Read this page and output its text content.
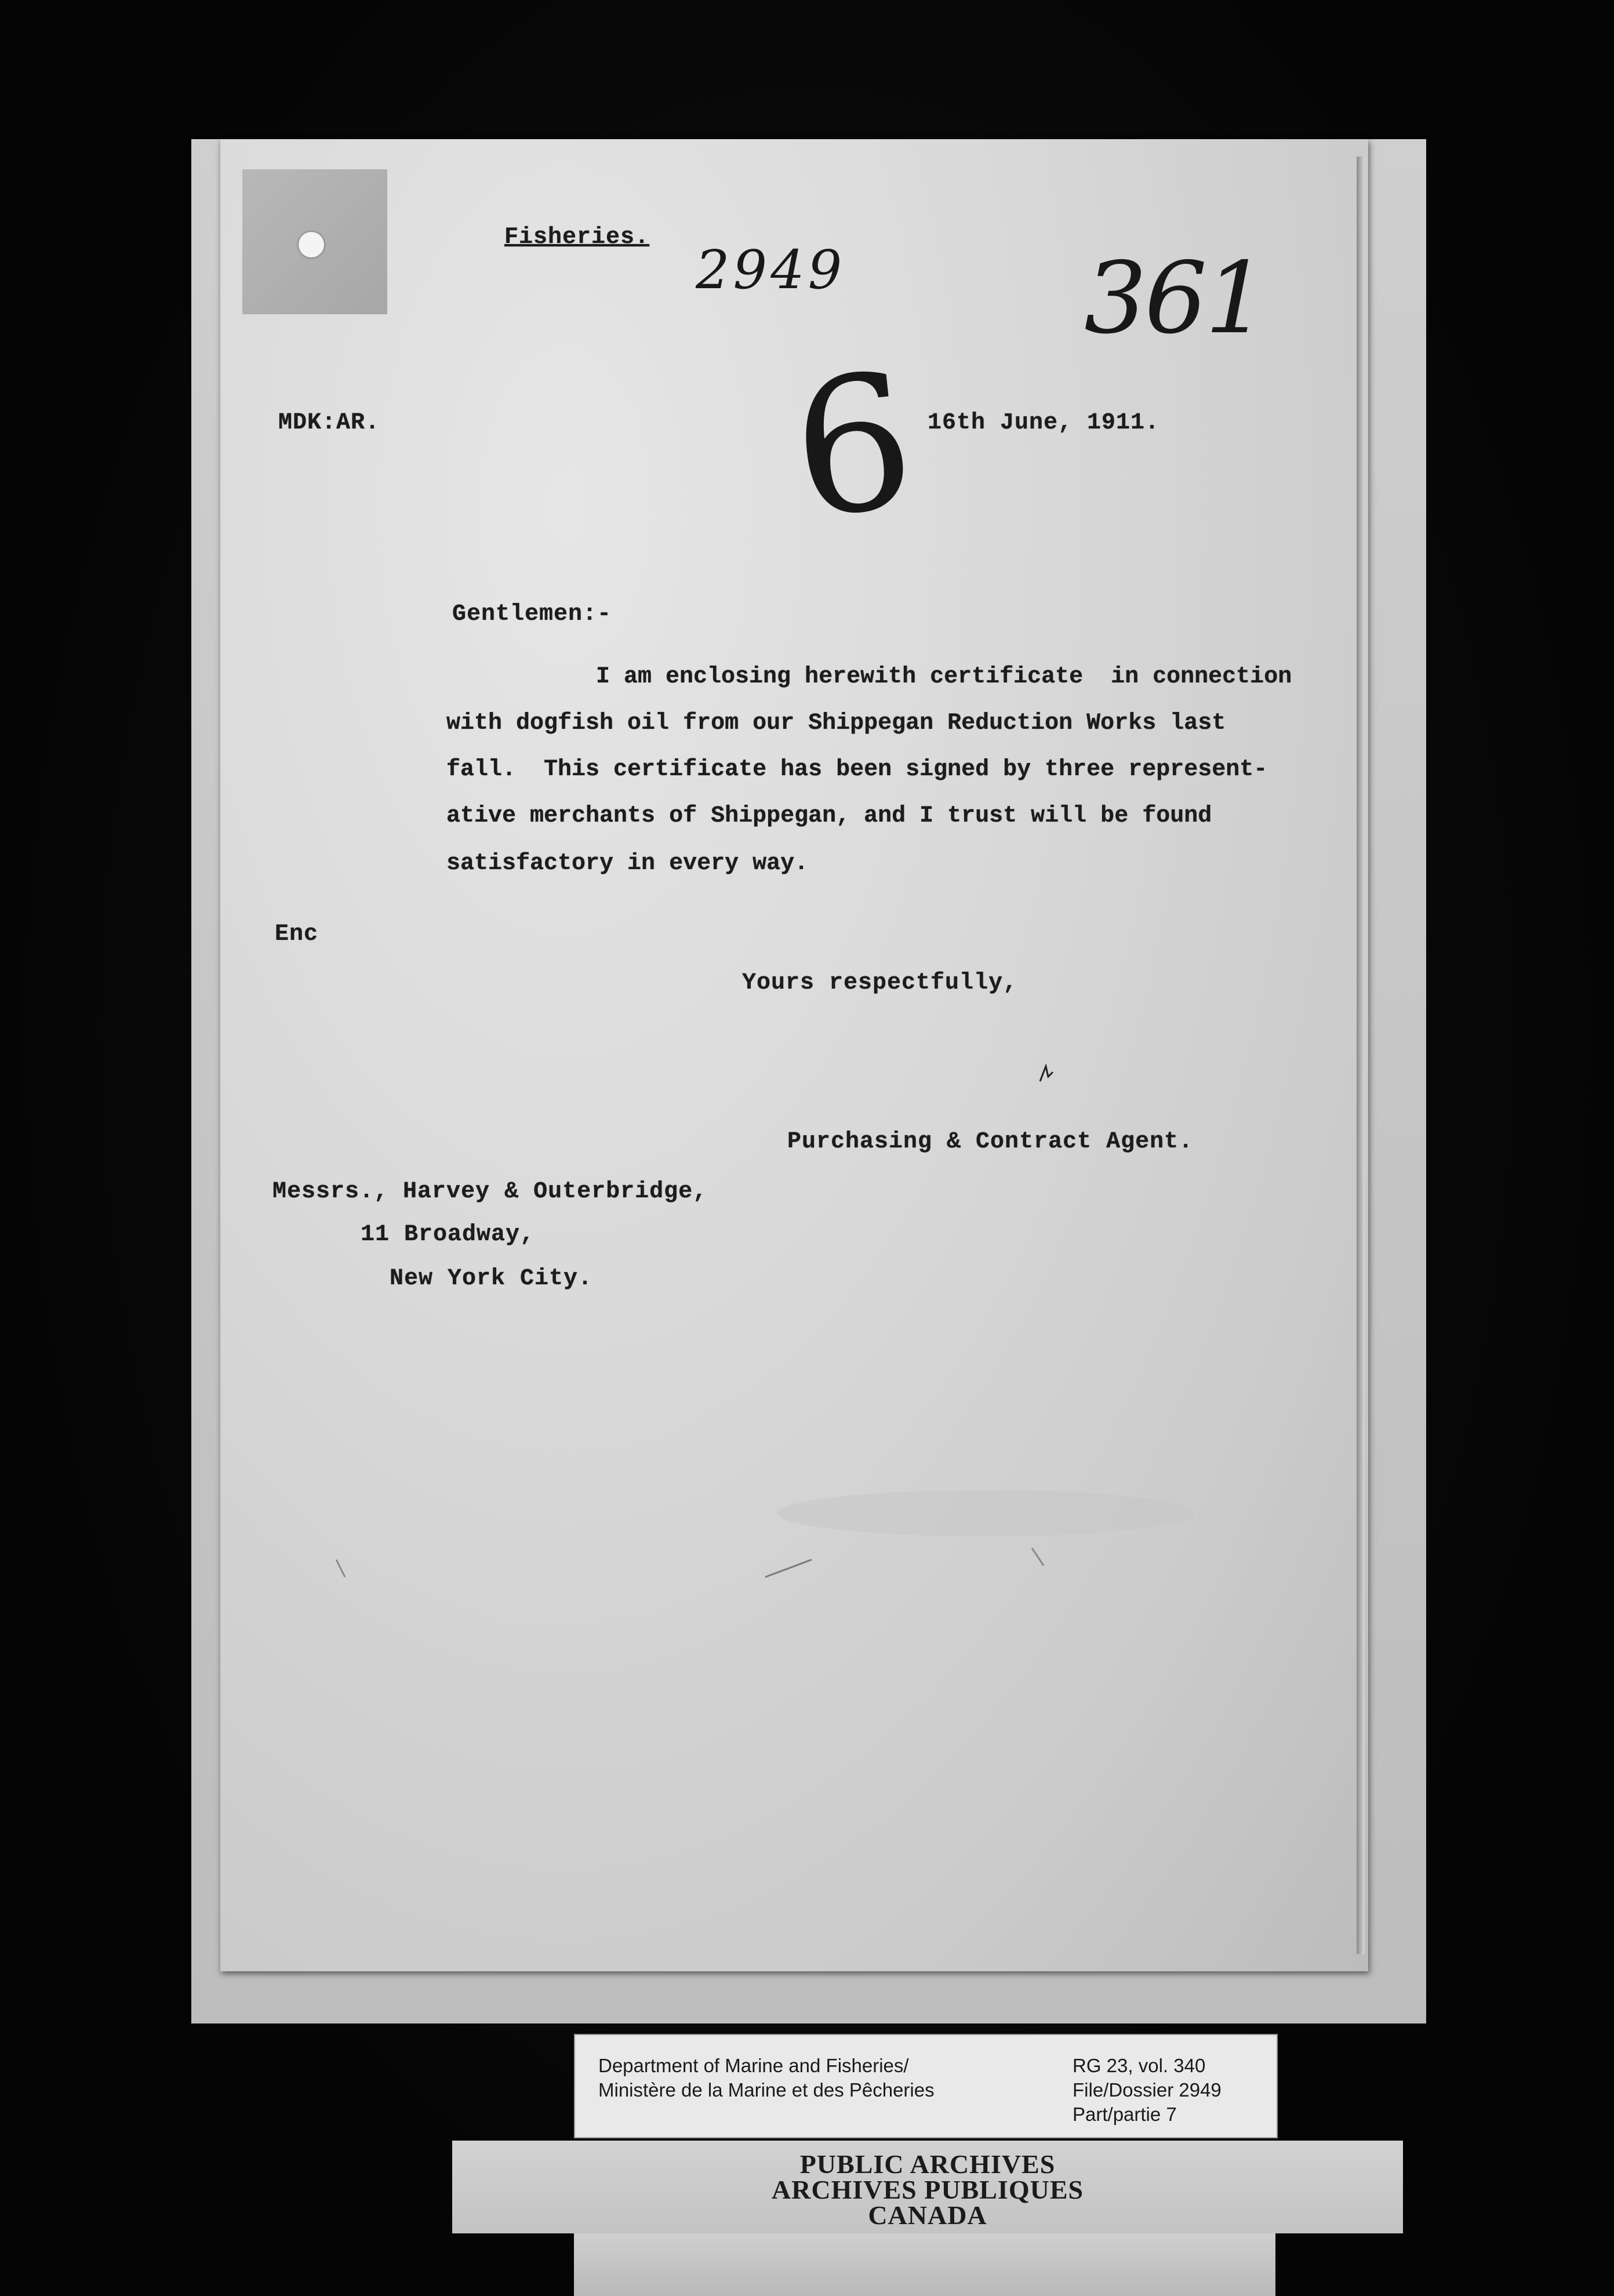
Fisheries.
2949 361
6
MDK:AR.	16th June, 1911.
Gentlemen:-
I am enclosing herewith certificate  in connection
with dogfish oil from our Shippegan Reduction Works last
fall.  This certificate has been signed by three represent-
ative merchants of Shippegan, and I trust will be found
satisfactory in every way.
Enc
Yours respectfully,
Purchasing & Contract Agent.
Messrs., Harvey & Outerbridge,
11 Broadway,
New York City.
Department of Marine and Fisheries/
Ministère de la Marine et des Pêcheries
RG 23, vol. 340
File/Dossier 2949
Part/partie 7
PUBLIC ARCHIVES
ARCHIVES PUBLIQUES
CANADA
